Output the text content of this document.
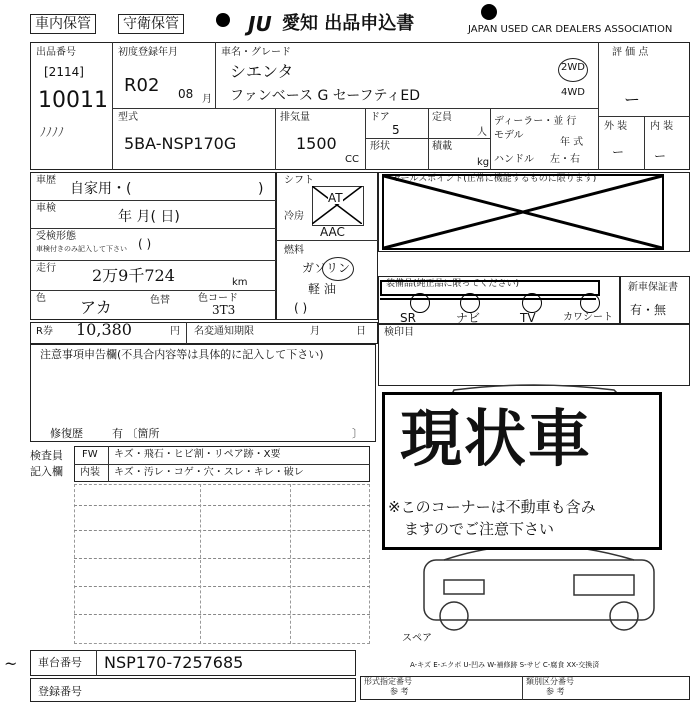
車内保管	守衛保管	JU 愛知 出品申込書	JAPAN USED CAR DEALERS ASSOCIATION
出品番号
[2114]
10011
ﾉﾉﾉﾉ
初度登録年月
R02 08 月
車名・グレード
シエンタ
ファンベース G セーフティED
2WD
4WD
評 価 点
ー
外 装 内 装
ー ー
型式
5BA-NSP170G
排気量
1500
CC
ドア
5
定員
人
形状	積載
kg
ディーラー・並 行
モデル
年 式
ハンドル 左・右
車歴
自家用・(	)
車検
年 月( 日)
受検形態
車検付きのみ記入して下さい ( )
走行 2万9千724	km
色 アカ	色替	色コード
3T3
シフト
AT
冷房
AAC
燃料
ガソリン
軽 油
( )
セールスポイント(正常に機能するものに限ります)
装備品(純正品に限ってください)
SR	ナビ	TV	カワシート
新車保証書
有・無
R券 10,380	円 名変通知期限	月	日 検印目
注意事項申告欄(不具合内容等は具体的に記入して下さい)
修復歴	有 〔箇所	〕
検査員
記入欄
FW キズ・飛石・ヒビ割・リペア跡・X要
内装 キズ・汚レ・コゲ・穴・スレ・キレ・破レ
スペア
A-キズ E-エクボ U-凹み W-補修跡 S-サビ C-腐食 XX-交換済
現状車
※このコーナーは不動車も含み
ますのでご注意下さい
~ 車台番号 NSP170-7257685
登録番号
形式指定番号
参 考
類別区分番号
参 考
